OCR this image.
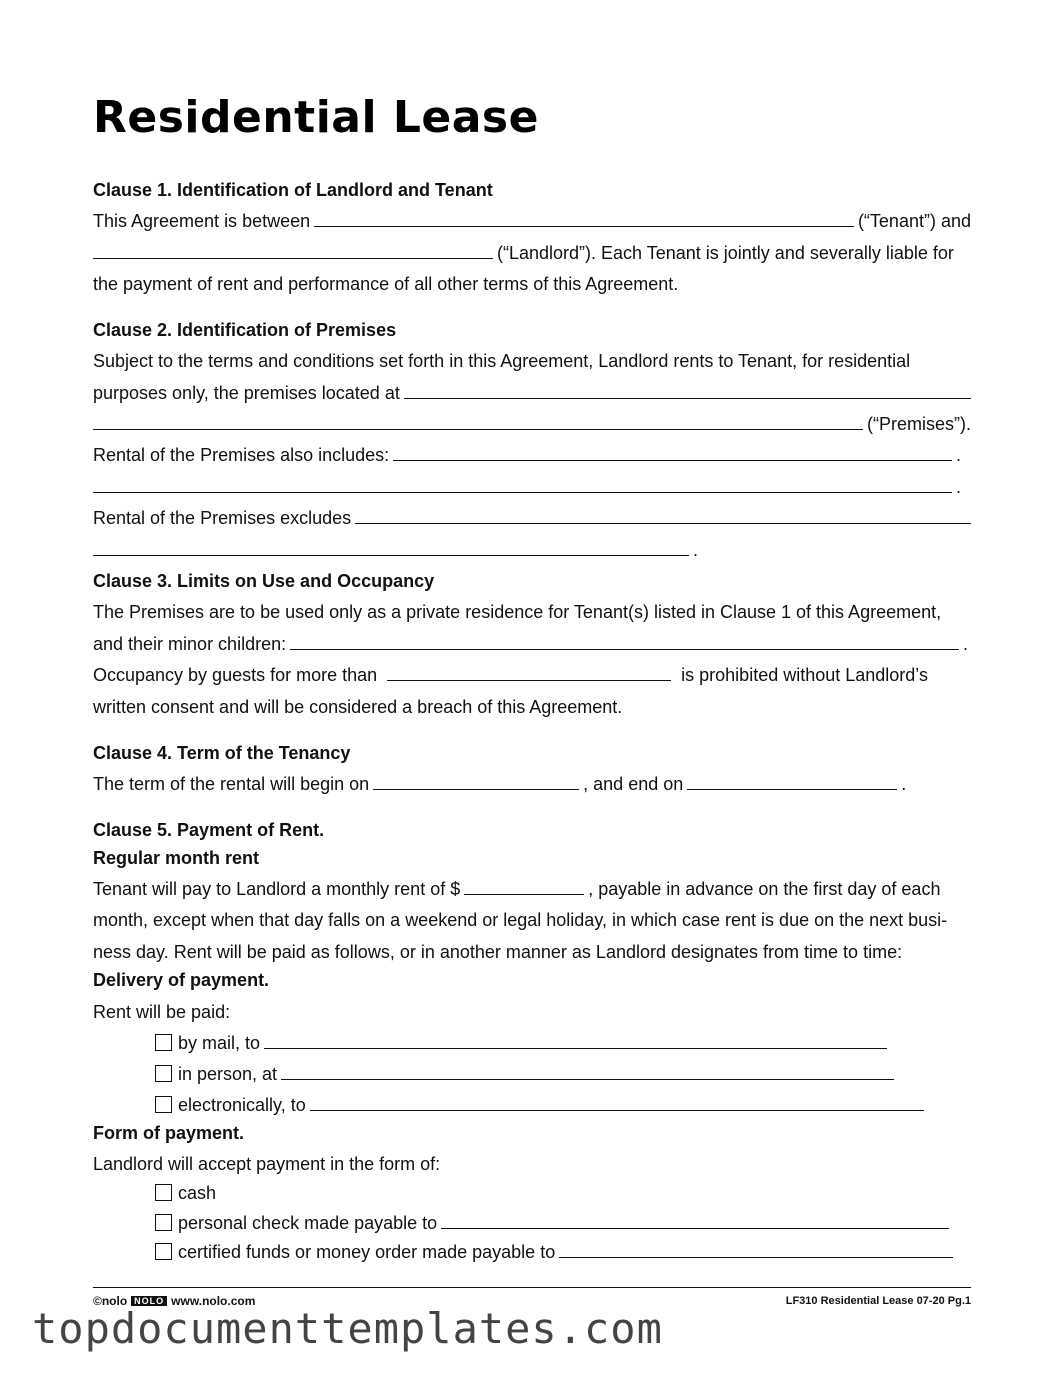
Residential Lease
Clause 1. Identification of Landlord and Tenant
This Agreement is between	(“Tenant”) and
(“Landlord”). Each Tenant is jointly and severally liable for
the payment of rent and performance of all other terms of this Agreement.
Clause 2. Identification of Premises
Subject to the terms and conditions set forth in this Agreement, Landlord rents to Tenant, for residential
purposes only, the premises located at
(“Premises”).
Rental of the Premises also includes:	.
.
Rental of the Premises excludes
.
Clause 3. Limits on Use and Occupancy
The Premises are to be used only as a private residence for Tenant(s) listed in Clause 1 of this Agreement,
and their minor children:	.
Occupancy by guests for more than	is prohibited without Landlord’s
written consent and will be considered a breach of this Agreement.
Clause 4. Term of the Tenancy
The term of the rental will begin on	, and end on	.
Clause 5. Payment of Rent.
Regular month rent
Tenant will pay to Landlord a monthly rent of $	, payable in advance on the first day of each
month, except when that day falls on a weekend or legal holiday, in which case rent is due on the next busi-
ness day. Rent will be paid as follows, or in another manner as Landlord designates from time to time:
Delivery of payment.
Rent will be paid:
by mail, to
in person, at
electronically, to
Form of payment.
Landlord will accept payment in the form of:
cash
personal check made payable to
certified funds or money order made payable to
©nolo NOLO www.nolo.com	LF310 Residential Lease 07-20 Pg.1
topdocumenttemplates.com
